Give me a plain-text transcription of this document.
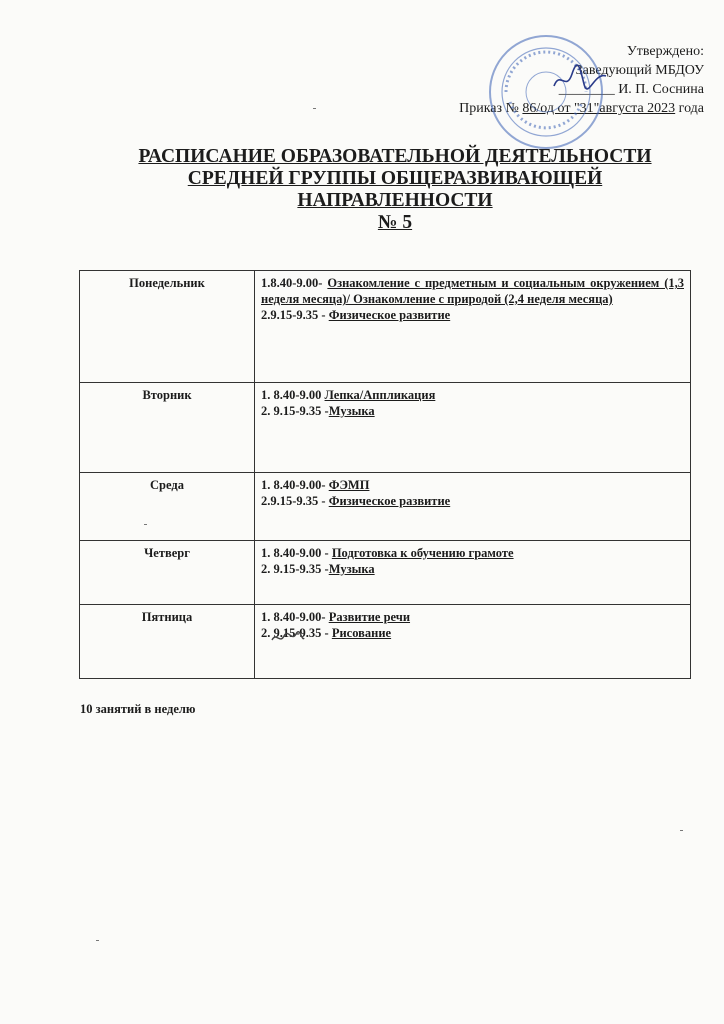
Утверждено:
Заведующий МБДОУ
________ И. П. Соснина
Приказ № 86/од от "31"августа 2023 года
РАСПИСАНИЕ ОБРАЗОВАТЕЛЬНОЙ ДЕЯТЕЛЬНОСТИ
СРЕДНЕЙ ГРУППЫ ОБЩЕРАЗВИВАЮЩЕЙ
НАПРАВЛЕННОСТИ
№ 5
Понедельник	1.8.40-9.00- Ознакомление с предметным и социальным окружением (1,3 неделя месяца)/ Ознакомление с природой (2,4 неделя месяца)
2.9.15-9.35 - Физическое развитие

Вторник	1. 8.40-9.00 Лепка/Аппликация
2. 9.15-9.35 -Музыка

Среда	1. 8.40-9.00- ФЭМП
2.9.15-9.35 - Физическое развитие

Четверг	1. 8.40-9.00 - Подготовка к обучению грамоте
2. 9.15-9.35 -Музыка

Пятница	1. 8.40-9.00- Развитие речи
2. 9.15-9.35 - Рисование
10 занятий в неделю
